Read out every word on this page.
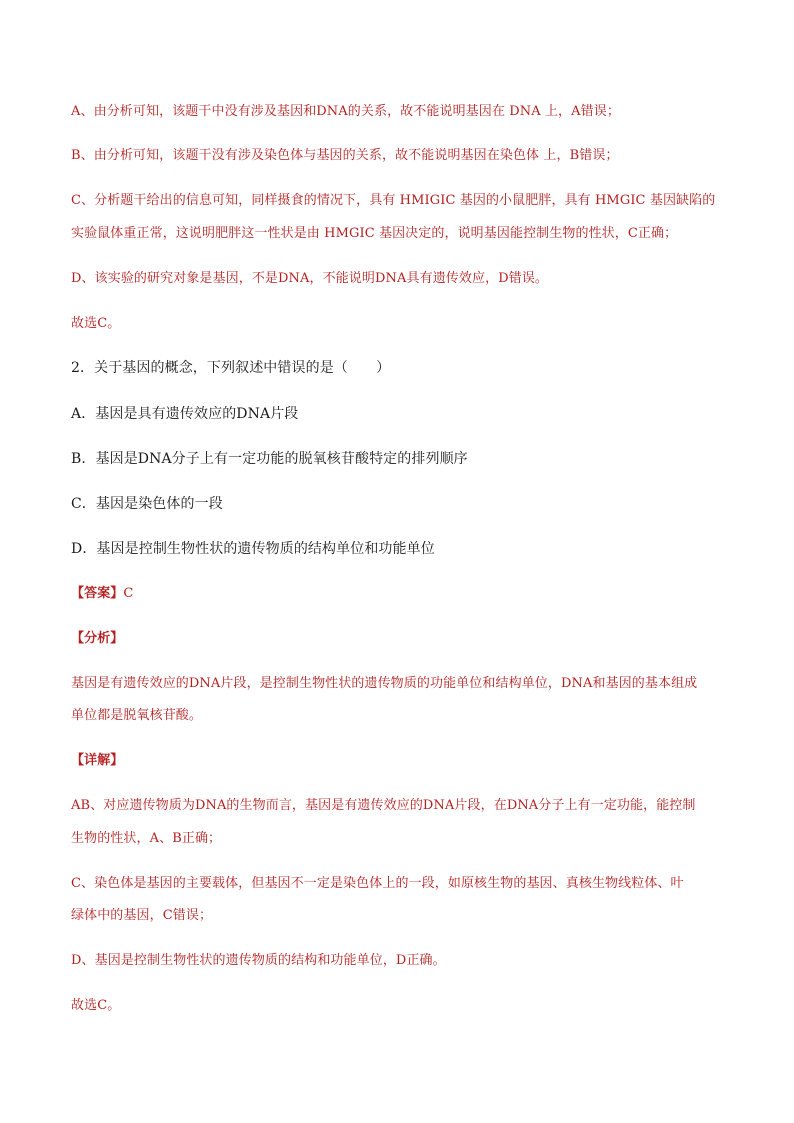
A、由分析可知，该题干中没有涉及基因和DNA的关系，故不能说明基因在 DNA 上，A错误；
B、由分析可知，该题干没有涉及染色体与基因的关系，故不能说明基因在染色体 上，B错误；
C、分析题干给出的信息可知，同样摄食的情况下，具有 HMIGIC 基因的小鼠肥胖，具有 HMGIC 基因缺陷的
实验鼠体重正常，这说明肥胖这一性状是由 HMGIC 基因决定的，说明基因能控制生物的性状，C正确；
D、该实验的研究对象是基因，不是DNA，不能说明DNA具有遗传效应，D错误。
故选C。
2．关于基因的概念，下列叙述中错误的是（　　）
A．基因是具有遗传效应的DNA片段
B．基因是DNA分子上有一定功能的脱氧核苷酸特定的排列顺序
C．基因是染色体的一段
D．基因是控制生物性状的遗传物质的结构单位和功能单位
【答案】C
【分析】
基因是有遗传效应的DNA片段，是控制生物性状的遗传物质的功能单位和结构单位，DNA和基因的基本组成
单位都是脱氧核苷酸。
【详解】
AB、对应遗传物质为DNA的生物而言，基因是有遗传效应的DNA片段，在DNA分子上有一定功能，能控制
生物的性状，A、B正确；
C、染色体是基因的主要载体，但基因不一定是染色体上的一段，如原核生物的基因、真核生物线粒体、叶
绿体中的基因，C错误；
D、基因是控制生物性状的遗传物质的结构和功能单位，D正确。
故选C。
